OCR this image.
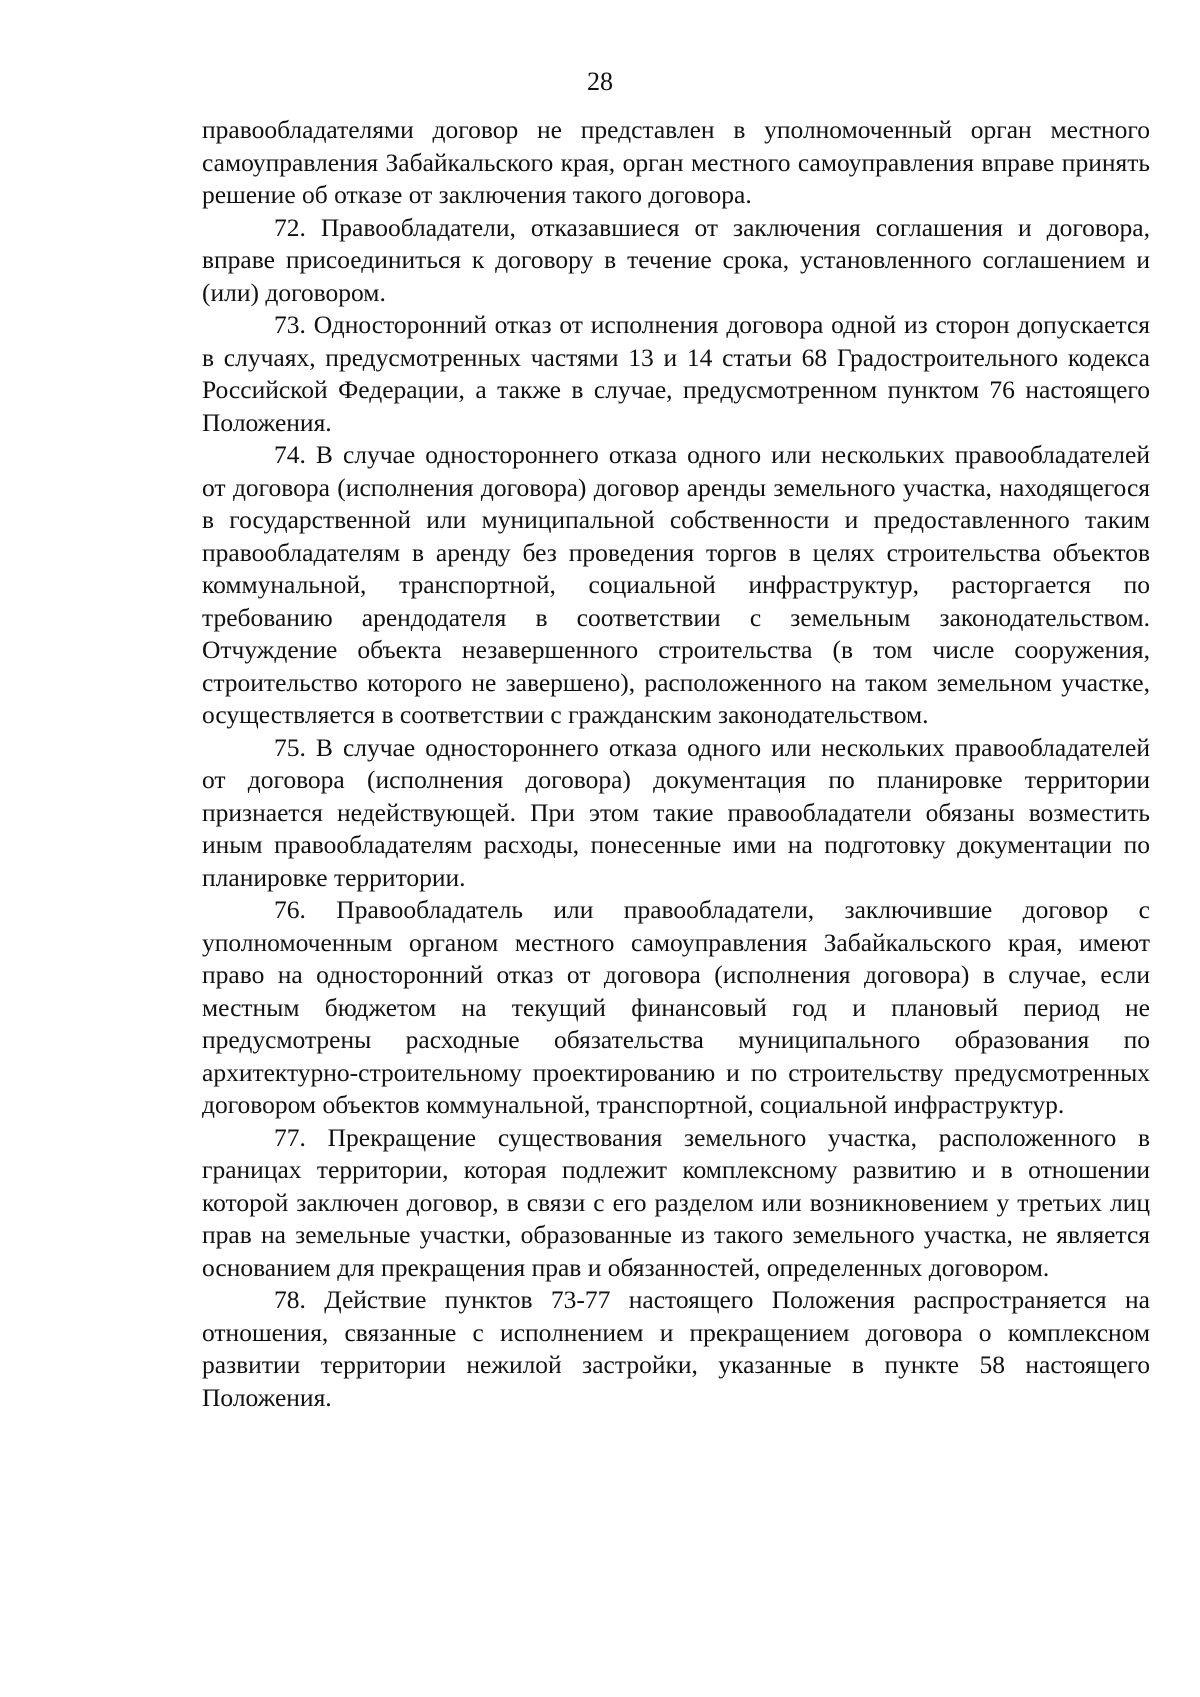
28

правообладателями договор не представлен в уполномоченный орган местного самоуправления Забайкальского края, орган местного самоуправления вправе принять решение об отказе от заключения такого договора.

72. Правообладатели, отказавшиеся от заключения соглашения и договора, вправе присоединиться к договору в течение срока, установленного соглашением и (или) договором.

73. Односторонний отказ от исполнения договора одной из сторон допускается в случаях, предусмотренных частями 13 и 14 статьи 68 Градостроительного кодекса Российской Федерации, а также в случае, предусмотренном пунктом 76 настоящего Положения.

74. В случае одностороннего отказа одного или нескольких правообладателей от договора (исполнения договора) договор аренды земельного участка, находящегося в государственной или муниципальной собственности и предоставленного таким правообладателям в аренду без проведения торгов в целях строительства объектов коммунальной, транспортной, социальной инфраструктур, расторгается по требованию арендодателя в соответствии с земельным законодательством. Отчуждение объекта незавершенного строительства (в том числе сооружения, строительство которого не завершено), расположенного на таком земельном участке, осуществляется в соответствии с гражданским законодательством.

75. В случае одностороннего отказа одного или нескольких правообладателей от договора (исполнения договора) документация по планировке территории признается недействующей. При этом такие правообладатели обязаны возместить иным правообладателям расходы, понесенные ими на подготовку документации по планировке территории.

76. Правообладатель или правообладатели, заключившие договор с уполномоченным органом местного самоуправления Забайкальского края, имеют право на односторонний отказ от договора (исполнения договора) в случае, если местным бюджетом на текущий финансовый год и плановый период не предусмотрены расходные обязательства муниципального образования по архитектурно-строительному проектированию и по строительству предусмотренных договором объектов коммунальной, транспортной, социальной инфраструктур.

77. Прекращение существования земельного участка, расположенного в границах территории, которая подлежит комплексному развитию и в отношении которой заключен договор, в связи с его разделом или возникновением у третьих лиц прав на земельные участки, образованные из такого земельного участка, не является основанием для прекращения прав и обязанностей, определенных договором.

78. Действие пунктов 73-77 настоящего Положения распространяется на отношения, связанные с исполнением и прекращением договора о комплексном развитии территории нежилой застройки, указанные в пункте 58 настоящего Положения.
